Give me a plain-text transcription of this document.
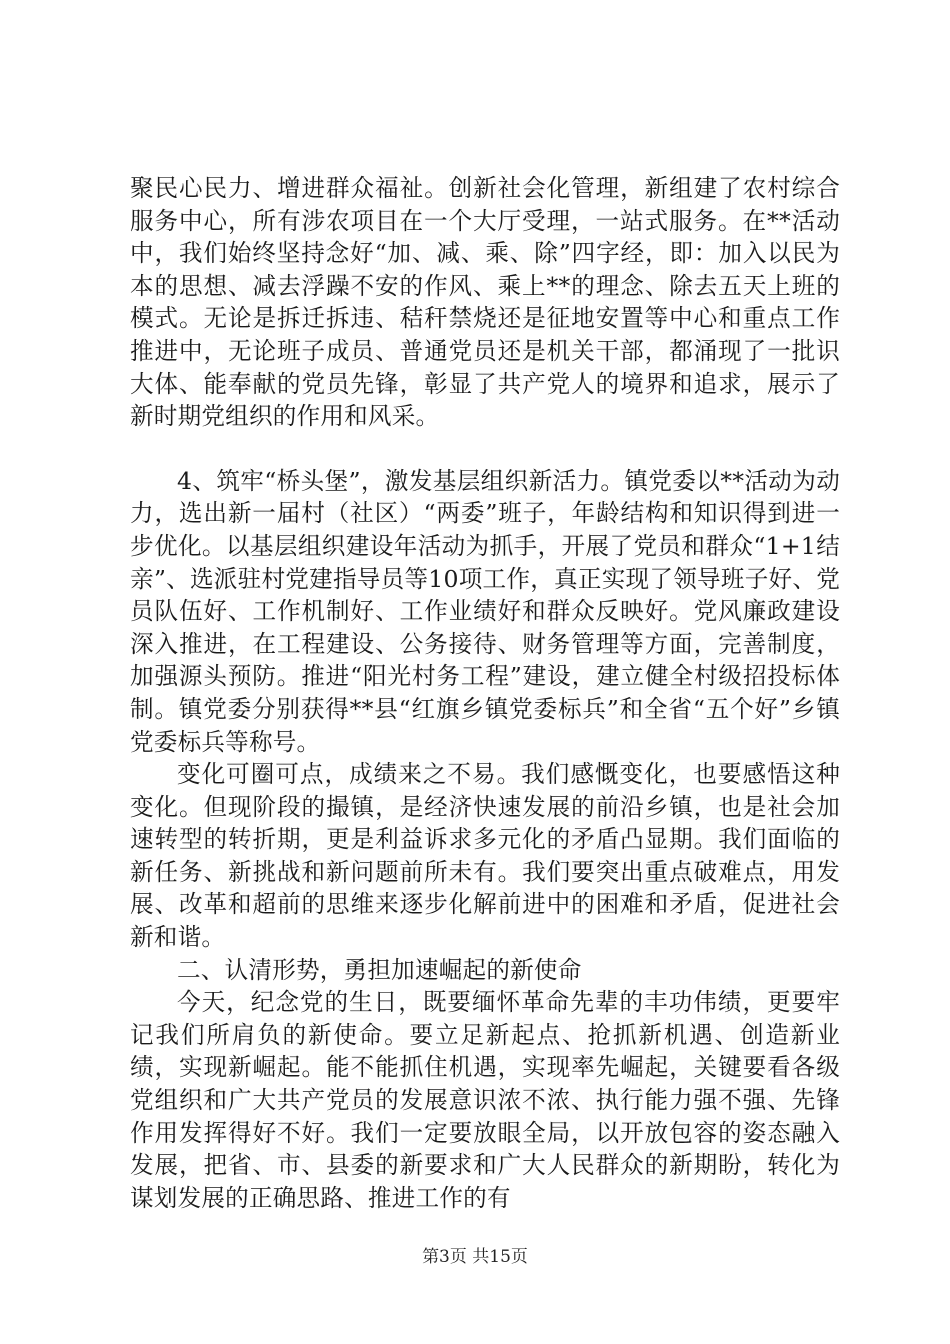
聚民心民力、增进群众福祉。创新社会化管理，新组建了农村综合服务中心，所有涉农项目在一个大厅受理，一站式服务。在**活动中，我们始终坚持念好“加、减、乘、除”四字经，即：加入以民为本的思想、减去浮躁不安的作风、乘上**的理念、除去五天上班的模式。无论是拆迁拆违、秸秆禁烧还是征地安置等中心和重点工作推进中，无论班子成员、普通党员还是机关干部，都涌现了一批识大体、能奉献的党员先锋，彰显了共产党人的境界和追求，展示了新时期党组织的作用和风采。

4、筑牢“桥头堡”，激发基层组织新活力。镇党委以**活动为动力，选出新一届村（社区）“两委”班子，年龄结构和知识得到进一步优化。以基层组织建设年活动为抓手，开展了党员和群众“1+1结亲”、选派驻村党建指导员等10项工作，真正实现了领导班子好、党员队伍好、工作机制好、工作业绩好和群众反映好。党风廉政建设深入推进，在工程建设、公务接待、财务管理等方面，完善制度，加强源头预防。推进“阳光村务工程”建设，建立健全村级招投标体制。镇党委分别获得**县“红旗乡镇党委标兵”和全省“五个好”乡镇党委标兵等称号。

变化可圈可点，成绩来之不易。我们感慨变化，也要感悟这种变化。但现阶段的撮镇，是经济快速发展的前沿乡镇，也是社会加速转型的转折期，更是利益诉求多元化的矛盾凸显期。我们面临的新任务、新挑战和新问题前所未有。我们要突出重点破难点，用发展、改革和超前的思维来逐步化解前进中的困难和矛盾，促进社会新和谐。

二、认清形势，勇担加速崛起的新使命

今天，纪念党的生日，既要缅怀革命先辈的丰功伟绩，更要牢记我们所肩负的新使命。要立足新起点、抢抓新机遇、创造新业绩，实现新崛起。能不能抓住机遇，实现率先崛起，关键要看各级党组织和广大共产党员的发展意识浓不浓、执行能力强不强、先锋作用发挥得好不好。我们一定要放眼全局，以开放包容的姿态融入发展，把省、市、县委的新要求和广大人民群众的新期盼，转化为谋划发展的正确思路、推进工作的有

第3页 共15页
